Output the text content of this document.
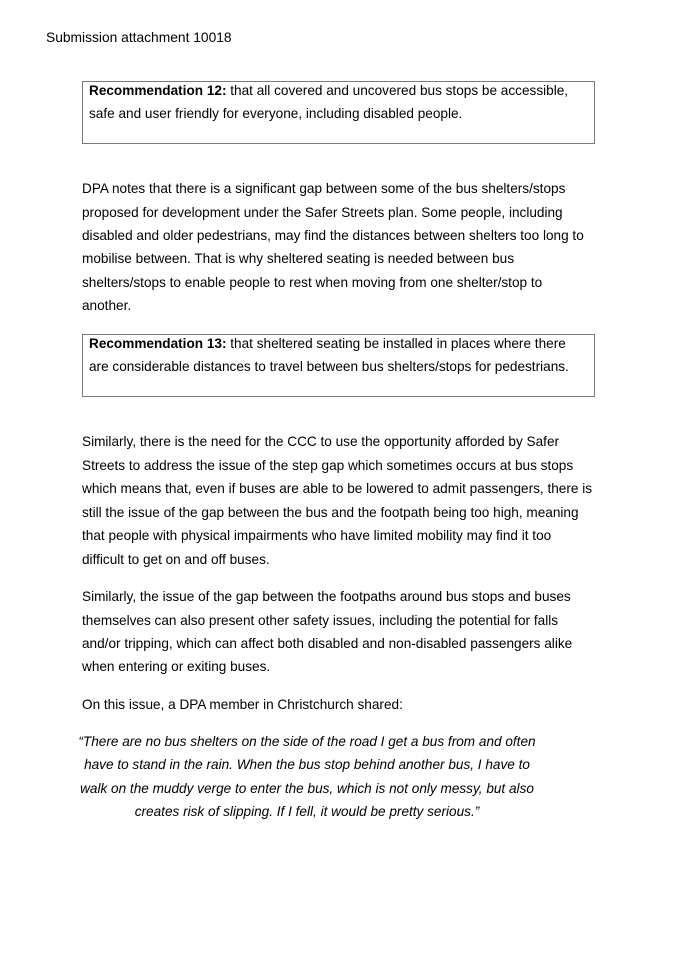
Submission attachment 10018
Recommendation 12: that all covered and uncovered bus stops be accessible,
safe and user friendly for everyone, including disabled people.
DPA notes that there is a significant gap between some of the bus shelters/stops
proposed for development under the Safer Streets plan. Some people, including
disabled and older pedestrians, may find the distances between shelters too long to
mobilise between. That is why sheltered seating is needed between bus
shelters/stops to enable people to rest when moving from one shelter/stop to
another.
Recommendation 13: that sheltered seating be installed in places where there
are considerable distances to travel between bus shelters/stops for pedestrians.
Similarly, there is the need for the CCC to use the opportunity afforded by Safer
Streets to address the issue of the step gap which sometimes occurs at bus stops
which means that, even if buses are able to be lowered to admit passengers, there is
still the issue of the gap between the bus and the footpath being too high, meaning
that people with physical impairments who have limited mobility may find it too
difficult to get on and off buses.
Similarly, the issue of the gap between the footpaths around bus stops and buses
themselves can also present other safety issues, including the potential for falls
and/or tripping, which can affect both disabled and non-disabled passengers alike
when entering or exiting buses.
On this issue, a DPA member in Christchurch shared:
“There are no bus shelters on the side of the road I get a bus from and often
have to stand in the rain. When the bus stop behind another bus, I have to
walk on the muddy verge to enter the bus, which is not only messy, but also
creates risk of slipping. If I fell, it would be pretty serious.”
